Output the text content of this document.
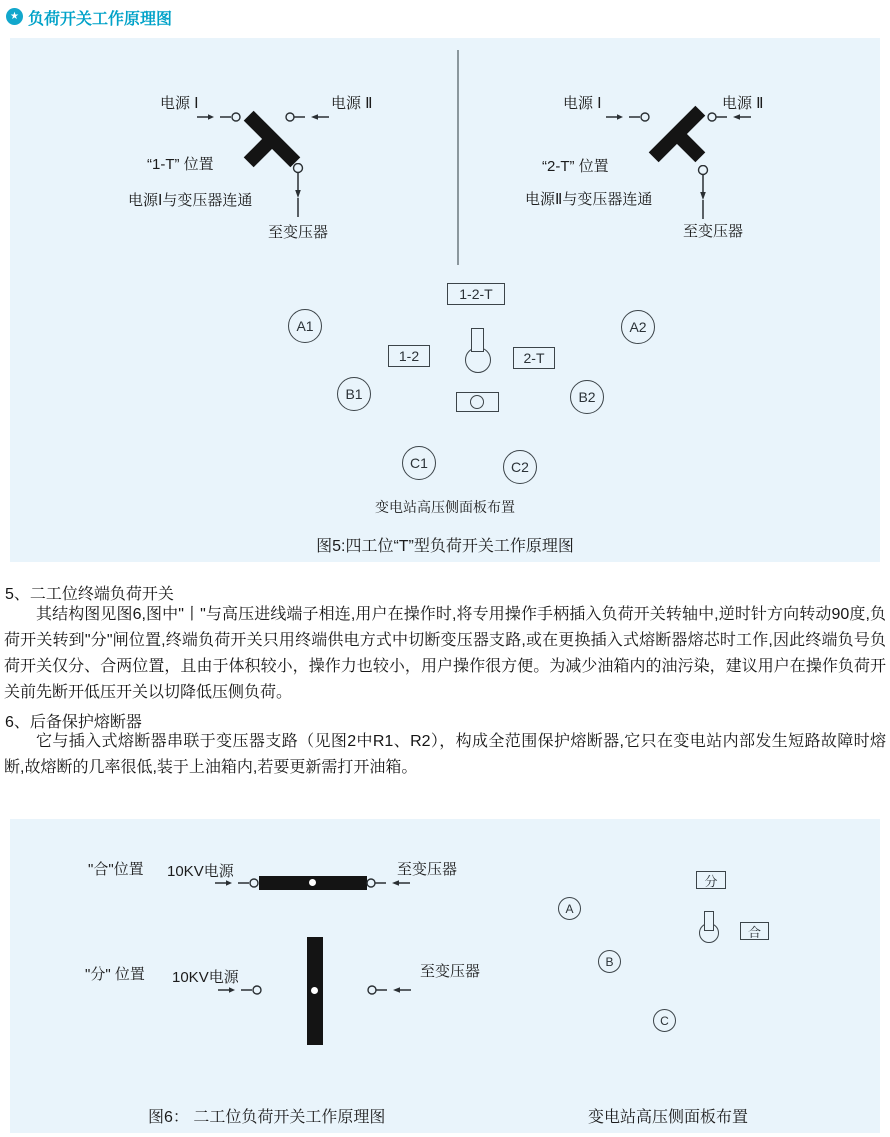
★ 负荷开关工作原理图
电源 Ⅰ	电源 Ⅱ
“1-T” 位置
电源Ⅰ与变压器连通
至变压器
电源 Ⅰ	电源 Ⅱ
“2-T” 位置
电源Ⅱ与变压器连通
至变压器
1-2-T
A1	A2
1-2	2-T
B1	B2
C1	C2
变电站高压侧面板布置
图5:四工位“T”型负荷开关工作原理图
5、二工位终端负荷开关
其结构图见图6,图中"丨"与高压进线端子相连,用户在操作时,将专用操作手柄插入负荷开关转轴中,逆时针方向转动90度,负荷开关转到"分"闸位置,终端负荷开关只用终端供电方式中切断变压器支路,或在更换插入式熔断器熔芯时工作,因此终端负号负荷开关仅分、合两位置，且由于体积较小，操作力也较小，用户操作很方便。为减少油箱内的油污染，建议用户在操作负荷开关前先断开低压开关以切降低压侧负荷。
6、后备保护熔断器
它与插入式熔断器串联于变压器支路（见图2中R1、R2），构成全范围保护熔断器,它只在变电站内部发生短路故障时熔断,故熔断的几率很低,装于上油箱内,若要更新需打开油箱。
"合"位置 10KV电源	至变压器
"分" 位置 10KV电源	至变压器
分
A
合
B
C
图6： 二工位负荷开关工作原理图	变电站高压侧面板布置
